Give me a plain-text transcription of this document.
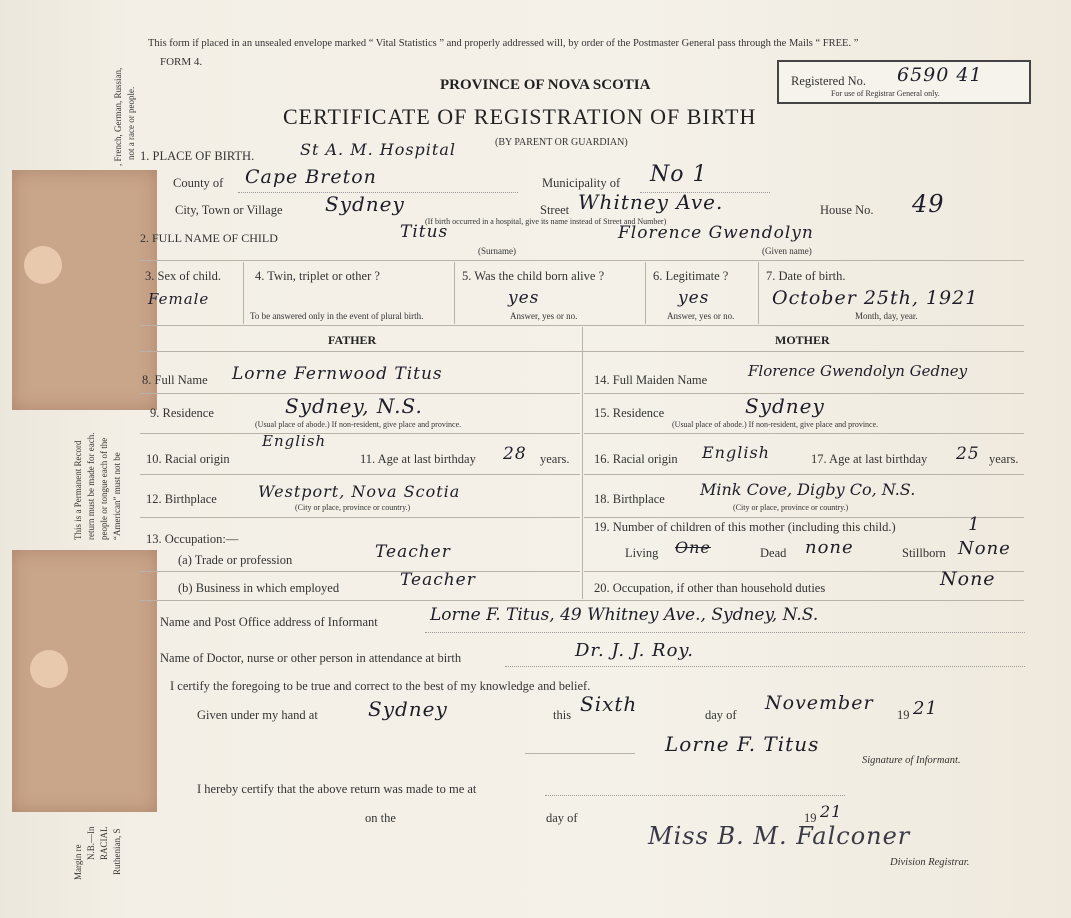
This is a Permanent Record return must be made for each. people or tongue each of the “American” must not be
, French, German, Russian, not a race or people.
Margin re
N.B.—In RACIAL Ruthenian, S
This form if placed in an unsealed envelope marked “ Vital Statistics ” and properly addressed will, by order of the Postmaster General pass through the Mails “ FREE. ”
FORM 4.
PROVINCE OF NOVA SCOTIA
CERTIFICATE OF REGISTRATION OF BIRTH
(BY PARENT OR GUARDIAN)
Registered No. 6590 41
For use of Registrar General only.
1. PLACE OF BIRTH.	St A. M. Hospital
County of Cape Breton	Municipality of No 1
City, Town or Village Sydney	Street Whitney Ave.	House No. 49
(If birth occurred in a hospital, give its name instead of Street and Number)
2. FULL NAME OF CHILD	Titus	Florence Gwendolyn
(Surname)	(Given name)
3. Sex of child.
Female
4. Twin, triplet or other ?
To be answered only in the event of plural birth.
5. Was the child born alive ?
yes
Answer, yes or no.
6. Legitimate ?
yes
Answer, yes or no.
7. Date of birth.
October 25th, 1921
Month, day, year.
FATHER	MOTHER
8. Full Name Lorne Fernwood Titus
9. Residence	Sydney, N.S.
(Usual place of abode.) If non-resident, give place and province.
10. Racial origin
English
11. Age at last birthday 28 years.
12. Birthplace	Westport, Nova Scotia
(City or place, province or country.)
13. Occupation:—
(a) Trade or profession	Teacher
(b) Business in which employed	Teacher
14. Full Maiden Name	Florence Gwendolyn Gedney
15. Residence	Sydney
(Usual place of abode.) If non-resident, give place and province.
16. Racial origin English	17. Age at last birthday 25 years.
18. Birthplace Mink Cove, Digby Co, N.S.
(City or place, province or country.)
19. Number of children of this mother (including this child.)	1
Living One	Dead none	Stillborn None
20. Occupation, if other than household duties	None
Name and Post Office address of Informant	Lorne F. Titus, 49 Whitney Ave., Sydney, N.S.
Name of Doctor, nurse or other person in attendance at birth	Dr. J. J. Roy.
I certify the foregoing to be true and correct to the best of my knowledge and belief.
Given under my hand at	Sydney	this Sixth	day of
November
19 21
Lorne F. Titus
Signature of Informant.
I hereby certify that the above return was made to me at
on the	day of	19 21
Miss B. M. Falconer
Division Registrar.
